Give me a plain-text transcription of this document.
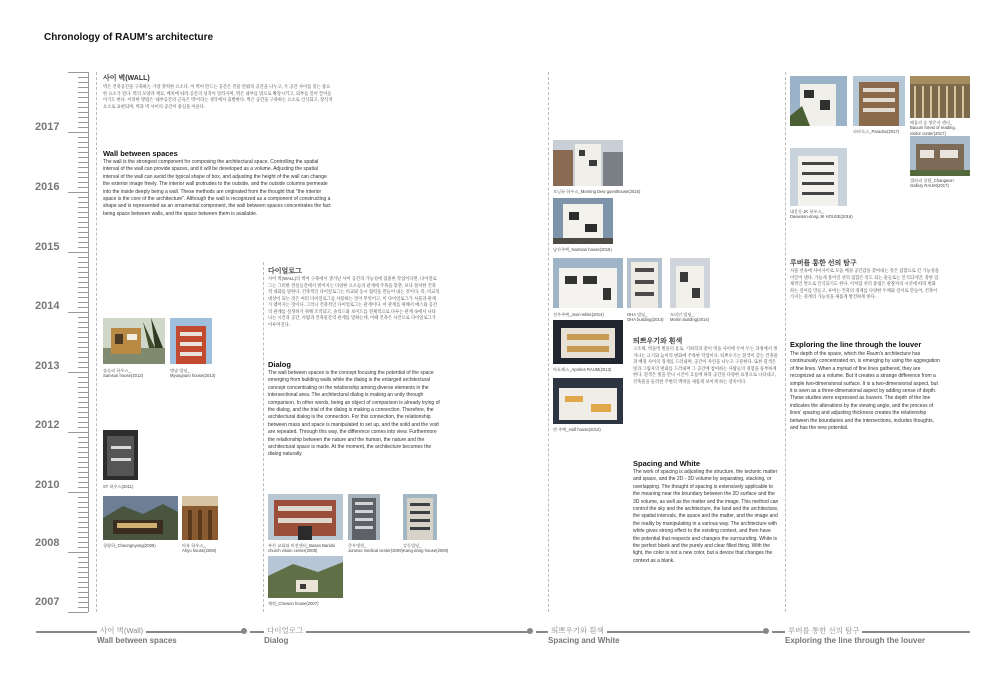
Chronology of RAUM's architecture
2017
2016
2015
2014
2013
2012
2010
2008
2007
사이 벽(WALL)
벽은 건축공간을 구축하는 가장 강력한 요소다. 이 벽이 만드는 공간은 건물 안팎의 공간을 나누고, 두 공간 사이를 잇는 중요한 요소가 된다. 벽의 모양과 재료, 배치에 따라 공간의 성격이 달라지며, 벽은 내부를 밖으로 확장시키고, 외부를 깊이 끌어들이기도 한다. 이러한 방법은 '내부공간의 근육은 벽'이라는 생각에서 출발한다. 벽은 공간을 구축하는 요소로 인식되고, 장식적 요소로 표현되며, 벽과 벽 사이의 공간이 중심을 이룬다.
Wall between spaces
The wall is the strongest component for composing the architectural space. Controlling the spatial interval of the wall can provide spaces, and it will be developed as a volume. Adjusting the spatial interval of the wall can avoid the typical shape of box, and adjusting the height of the wall can change the exterior image freely. The interior wall protrudes to the outside, and the outside columns permeate into the inside deeply being a wall. These methods are originated from the thought that "the interior space is the core of the architecture". Although the wall is recognized as a component of constructing a shape and is represented as an ornamental component, the wall between spaces concentrates the fact being space between walls, and the space between them is available.
다이얼로그
사이 벽(WALL)의 벽이 구축에서 생겨난 사이 공간의 가능성에 집중한 작업이다면, 다이얼로그는 그러한 결실들간에서 벌어지는 다양한 요소들의 관계에 주목을 맞춘, 보다 철저한 건축적 대화를 말한다. 건축적인 다이얼로그는 비교와 동시 협력을 만들어 내는 것이다. 즉, 비교의 대상이 되는 것은 여러 다이얼로그를 사용하는 것이 무엇이고, 이 다이얼로그가 사물과 관계가 맺어지는 것이다. 그러니 건축적인 다이얼로그는 관계이다. 이 관계를 위해서 매스와 공간의 관계를 설정하기 위해 조작되고, 솔리드와 보이드를 전체적으로 다루는 관계 속에서 나타나는 시간과 공간, 사람과 건축물간의 관계를 말하는데, 이때 건축은 사건으로 다이얼로그가 이루어진다.
Dialog
The wall between spaces is the concept focusing the potential of the space emerging from building walls while the dialog is the enlarged architectural concept concentrating on the relationship among diverse elements in the intersectional area. The architectural dialog is making an unity through comparison. In other words, being an object of comparison is already trying of the dialog, and the trial of the dialog is making a connection. Therefore, the architectural dialog is the connection. For this connection, the relationship between mass and space is manipulated to set up, and the solid and the void are repeated. Through this way, the difference comes into view. Furthermore the relationship between the nature and the human, the nature and the architectural space is made. At the moment, the architecture becomes the dialog naturally.
띄쁘우기와 흰색
구조체, 벽돌벽 벌돌의 통로, 기하학과 같이 벽을 사이에 두어 두는 과정에서 생겨나는 크기와 높이의 변화에 주목한 작업이다. 띄쁘우기는 흰색이 갖는 건축물과 배경 사이의 경계를 드러내며, 공간이 자연을 나누고 구분한다. 또한 흰색은 빛과 그림자의 변화를 드러내며 그 공간에 참여하는 사람들의 경험을 풍부하게 한다. 흰색은 빛을 만나 시간이 흐름에 따라 공간을 다양한 표정으로 나타내고, 건축물을 둘러싼 주변의 맥락을 새롭게 보이게 하는 장치이다.
Spacing and White
The work of spacing is adjusting the structure, the tectonic matter and space, and the 2D - 3D volume by separating, stacking, or overlapping. The thought of spacing is extensively applicable to the meaning near the boundary between the 2D surface and the 3D volume, as well as the matter and the image. This method can control the sky and the architecture, the land and the architecture, the spatial intervals, the space and the matter, and the image and the reality by manipulating in a various way. The architecture with white gives strong effect to the existing context, and then have the potential that respects and changes the surrounding. White is the perfect blank and the purely and clear filled thing. With the light, the color is not a new color, but a device that changes the context as a blank.
루버를 통한 선의 탐구
사물 선속에 사이사이로 모음 배경 공간감을 찾아내는 것은 집합으로 긴 가능성을 이끌어 낸다. 가늘게 흩어진 선의 집합은 특도 되는 물들로는 인식되지만, 강한 입체적인 면으로 인식되기도 한다. 이처럼 선의 중첩은 관찰자의 시선에 따라 변화하는 깊이를 만들고, 루버는 건축의 경계를 다양한 두께와 깊이로 만들어, 건축이 가지는 경계의 가능성을 새롭게 발견하게 한다.
Exploring the line through the louver
The depth of the space, which the Raum's architecture has continuously concentrated on, is emerging by using the aggregation of fine lines. When a myriad of fine lines gathered, they are recognized as a volume. But it creates a strange difference from a simple two-dimensional surface. It is a two-dimensional aspect, but it is seen as a three-dimensional aspect by adding sense of depth. These studies were expressed as louvers. The depth of the line indicates the alterations by the viewing angle, and the process of lines' spacing and adjusting thickness creates the relationship between the boundaries and the intersections, includes thoughts, and has the new potential.
솔숲리 하우스_
Samsuri house(2013)
명남 빌딩_
Myungnam house(2013)
ST 하우스(2011)
청량하_Cheongnyang(2009)	아유 하우스_
Ahyu house(2008)
부산 교회와 비전센터_Busan Bandoi
church vision center(2008)
준우병원_
Junwoo medical center(2009)
강동빌딩_
Kang-dong house(2009)
채원_Chewon house(2007)
모닝듀 하우스_Morning Dew guesthouse(2016)
남산주택_Namsan house(2016)
전주주택_Jeon-white(2014)	OHA 빌딩_
OHA building(2014)
모리인 빌딩_
Moriin building(2014)
아포헤스_Apohes RAUM(2013)
반 주택_Half house(2012)
파라독스_Paradox(2017)
배움의 숲 방문자 센터_
Bauum forest of reading,
visitor center(2017)
갤러리 창원_Changwon
Gallery RAUM(2017)
대운동 JK 하우스_
Daewoon-dong JK HOUSE(2016)
사이 벽(Wall)
Wall between spaces
다이얼로그
Dialog
띄쁘우기와 흰색
Spacing and White
루버를 통한 선의 탐구
Exploring the line through the louver
